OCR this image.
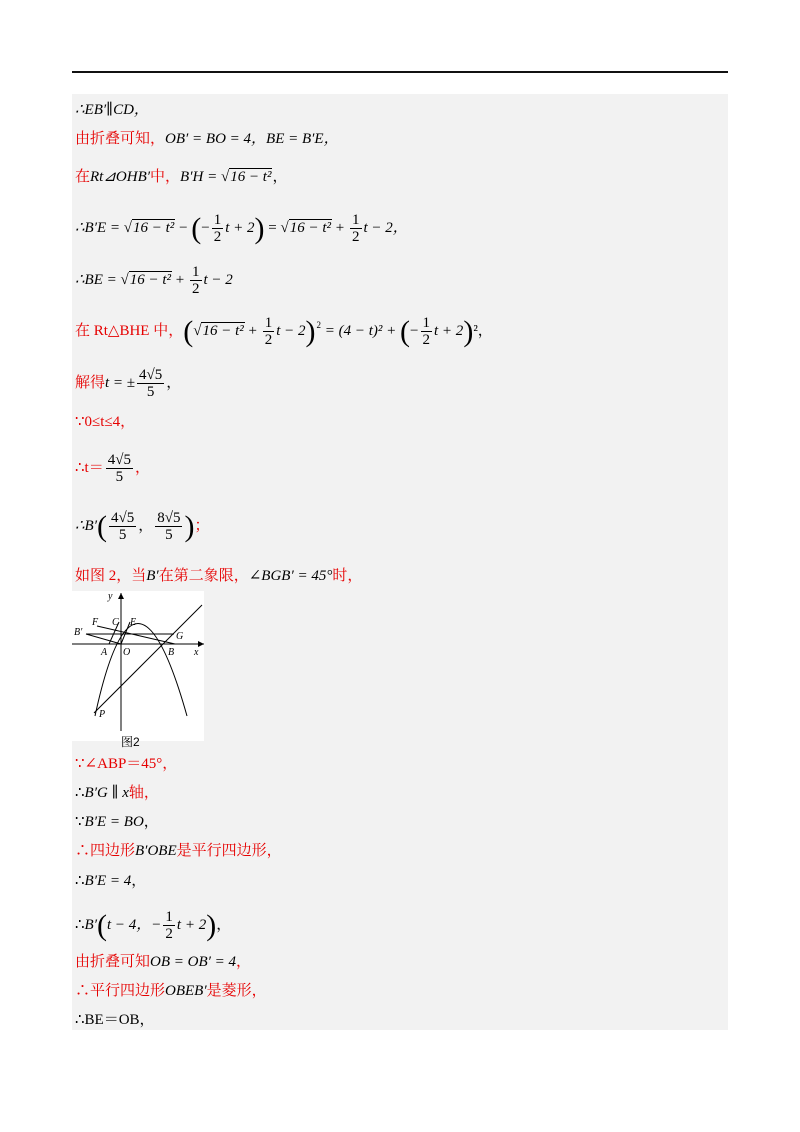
∴EB′∥CD，
由折叠可知，OB′ = BO = 4，BE = B′E，
在Rt⊿OHB′中，B′H = √16 − t²，
∴B′E = √16 − t² − (− $\frac{1}{2}$ $t + 2) = √16 - t^2 + \frac{1}{2}$ t − 2，
∴BE = $√16 - t^2 + \frac{1}{2}$ t − 2
在 Rt△BHE 中，($√16 - t^2 + \frac{1}{2}$ $t - 2)^2 = (4 - t)^2$ + (− $\frac{1}{2}$ t + 2)²，
解得t = ± $\frac{4√5}{5}$ ，
∵0≤t≤4，
∴t＝ $\frac{4√5}{5}$ ，
∴B′( $\frac{4√5}{5}$ ， $\frac{8√5}{5}$ )；
如图 2，当B′在第二象限，∠BGB′ = 45°时，
y
x
B′
F C E
G
A O	B
P
图2
∵∠ABP＝45°，
∴B′G ∥ x轴，
∵B′E = BO，
∴四边形B′OBE是平行四边形，
∴B′E = 4，
∴B′(t − 4，− $\frac{1}{2}$ t + 2)，
由折叠可知OB = OB′ = 4，
∴平行四边形OBEB′是菱形，
∴BE＝OB，
